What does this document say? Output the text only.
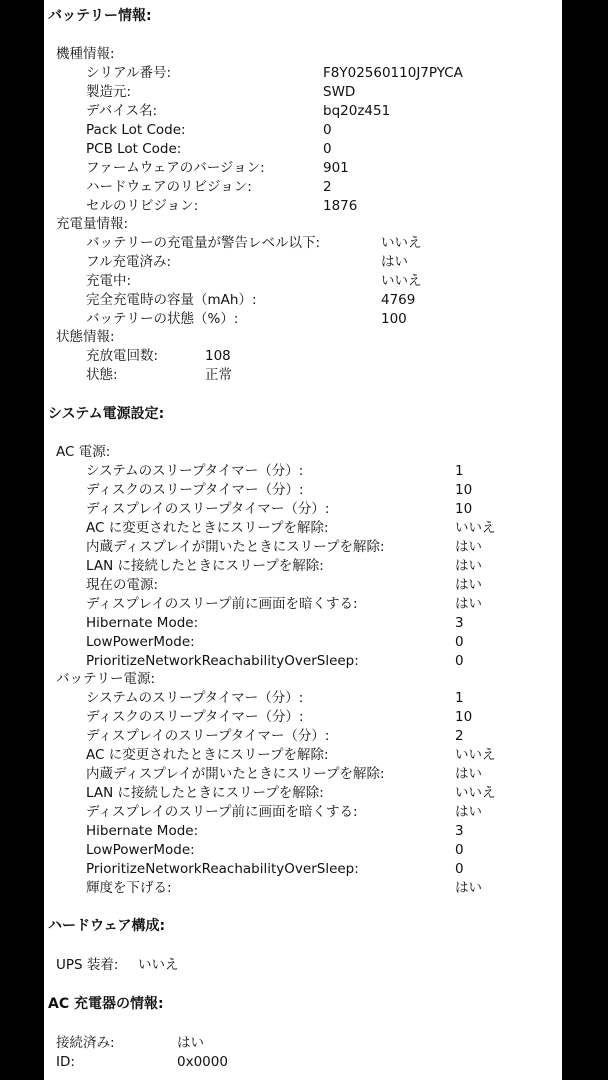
バッテリー情報:
機種情報:
シリアル番号:	F8Y02560110J7PYCA
製造元:	SWD
デバイス名:	bq20z451
Pack Lot Code:	0
PCB Lot Code:	0
ファームウェアのバージョン:	901
ハードウェアのリビジョン:	2
セルのリビジョン:	1876
充電量情報:
バッテリーの充電量が警告レベル以下:	いいえ
フル充電済み:	はい
充電中:	いいえ
完全充電時の容量（mAh）:	4769
バッテリーの状態（%）:	100
状態情報:
充放電回数:	108
状態:	正常
システム電源設定:
AC 電源:
システムのスリープタイマー（分）:	1
ディスクのスリープタイマー（分）:	10
ディスプレイのスリープタイマー（分）:	10
AC に変更されたときにスリープを解除:	いいえ
内蔵ディスプレイが開いたときにスリープを解除:	はい
LAN に接続したときにスリープを解除:	はい
現在の電源:	はい
ディスプレイのスリープ前に画面を暗くする:	はい
Hibernate Mode:	3
LowPowerMode:	0
PrioritizeNetworkReachabilityOverSleep:	0
バッテリー電源:
システムのスリープタイマー（分）:	1
ディスクのスリープタイマー（分）:	10
ディスプレイのスリープタイマー（分）:	2
AC に変更されたときにスリープを解除:	いいえ
内蔵ディスプレイが開いたときにスリープを解除:	はい
LAN に接続したときにスリープを解除:	いいえ
ディスプレイのスリープ前に画面を暗くする:	はい
Hibernate Mode:	3
LowPowerMode:	0
PrioritizeNetworkReachabilityOverSleep:	0
輝度を下げる:	はい
ハードウェア構成:
UPS 装着: いいえ
AC 充電器の情報:
接続済み:	はい
ID:	0x0000
